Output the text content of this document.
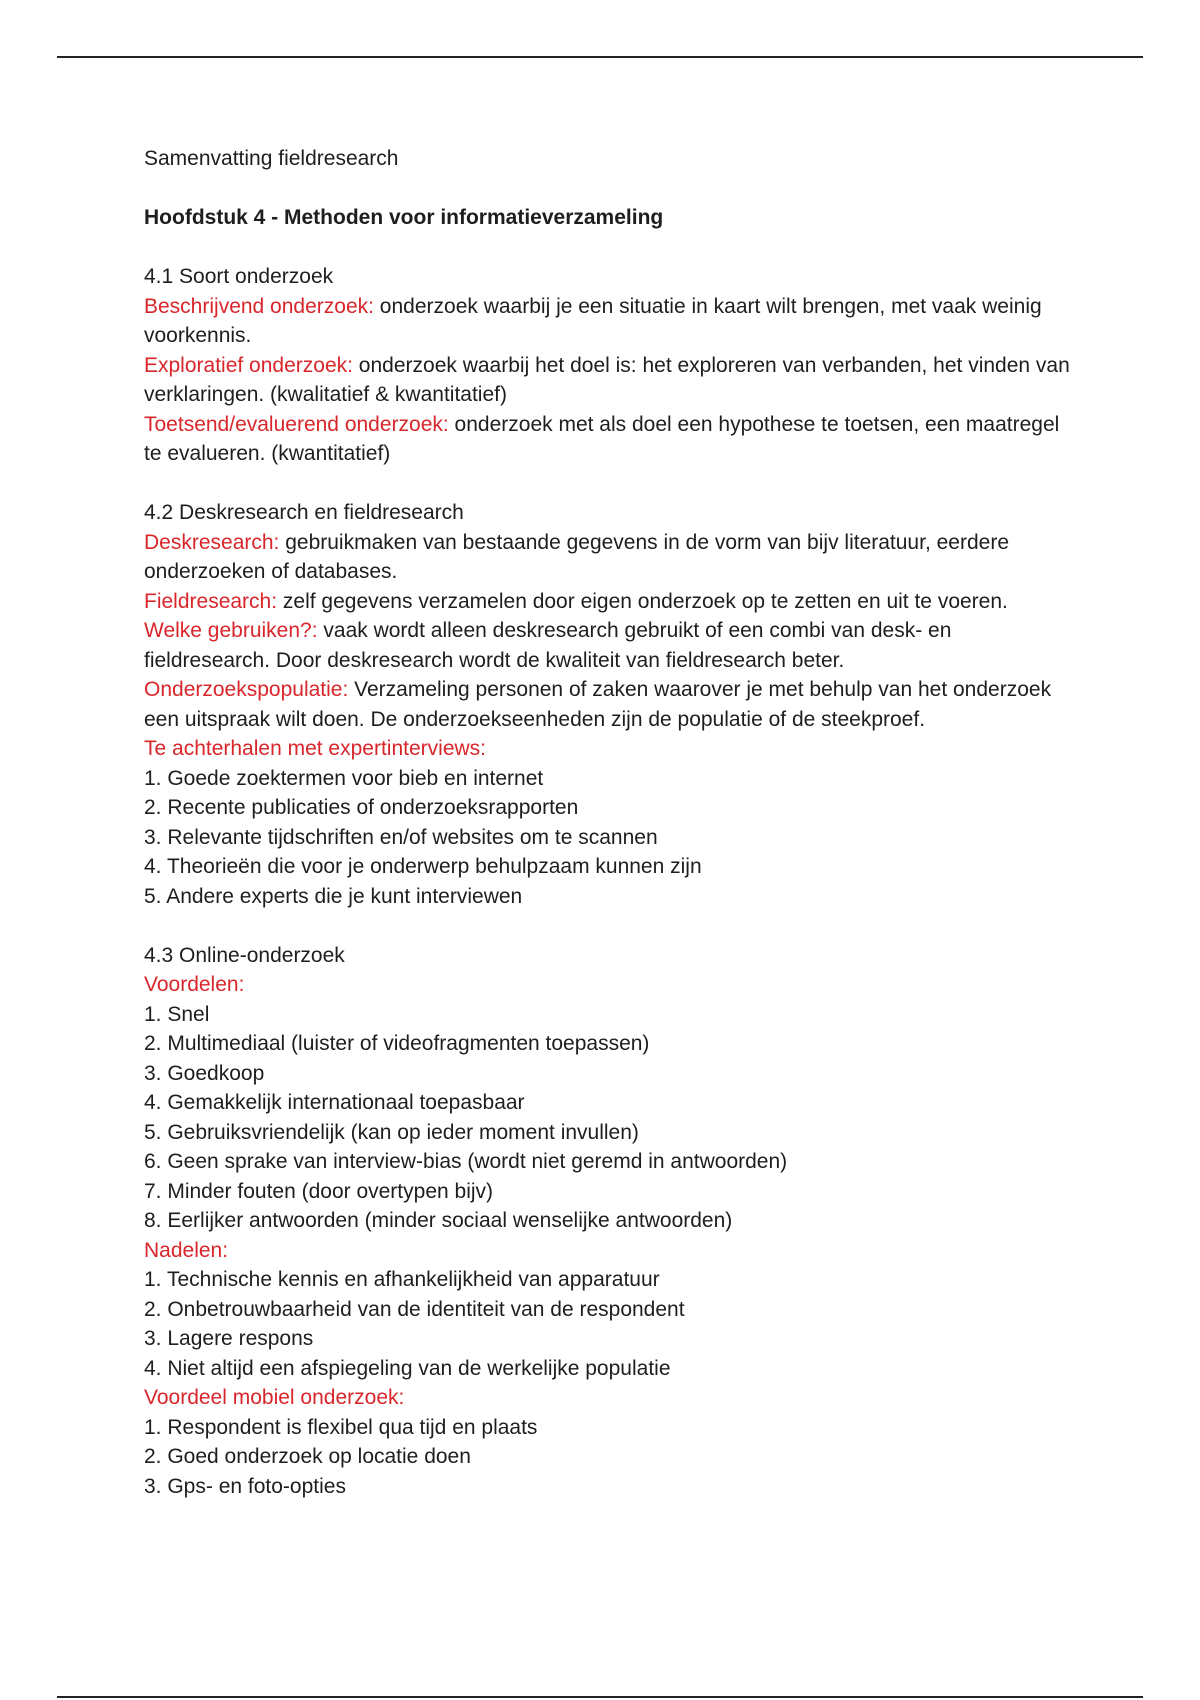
Samenvatting fieldresearch

Hoofdstuk 4 - Methoden voor informatieverzameling

4.1 Soort onderzoek

Beschrijvend onderzoek: onderzoek waarbij je een situatie in kaart wilt brengen, met vaak weinig voorkennis.

Exploratief onderzoek: onderzoek waarbij het doel is: het exploreren van verbanden, het vinden van verklaringen. (kwalitatief & kwantitatief)

Toetsend/evaluerend onderzoek: onderzoek met als doel een hypothese te toetsen, een maatregel te evalueren. (kwantitatief)

4.2 Deskresearch en fieldresearch

Deskresearch: gebruikmaken van bestaande gegevens in de vorm van bijv literatuur, eerdere onderzoeken of databases.

Fieldresearch: zelf gegevens verzamelen door eigen onderzoek op te zetten en uit te voeren.

Welke gebruiken?: vaak wordt alleen deskresearch gebruikt of een combi van desk- en fieldresearch. Door deskresearch wordt de kwaliteit van fieldresearch beter.

Onderzoekspopulatie: Verzameling personen of zaken waarover je met behulp van het onderzoek een uitspraak wilt doen. De onderzoekseenheden zijn de populatie of de steekproef.

Te achterhalen met expertinterviews:

1. Goede zoektermen voor bieb en internet

2. Recente publicaties of onderzoeksrapporten

3. Relevante tijdschriften en/of websites om te scannen

4. Theorieën die voor je onderwerp behulpzaam kunnen zijn

5. Andere experts die je kunt interviewen

4.3 Online-onderzoek

Voordelen:

1. Snel

2. Multimediaal (luister of videofragmenten toepassen)

3. Goedkoop

4. Gemakkelijk internationaal toepasbaar

5. Gebruiksvriendelijk (kan op ieder moment invullen)

6. Geen sprake van interview-bias (wordt niet geremd in antwoorden)

7. Minder fouten (door overtypen bijv)

8. Eerlijker antwoorden (minder sociaal wenselijke antwoorden)

Nadelen:

1. Technische kennis en afhankelijkheid van apparatuur

2. Onbetrouwbaarheid van de identiteit van de respondent

3. Lagere respons

4. Niet altijd een afspiegeling van de werkelijke populatie

Voordeel mobiel onderzoek:

1. Respondent is flexibel qua tijd en plaats

2. Goed onderzoek op locatie doen

3. Gps- en foto-opties
